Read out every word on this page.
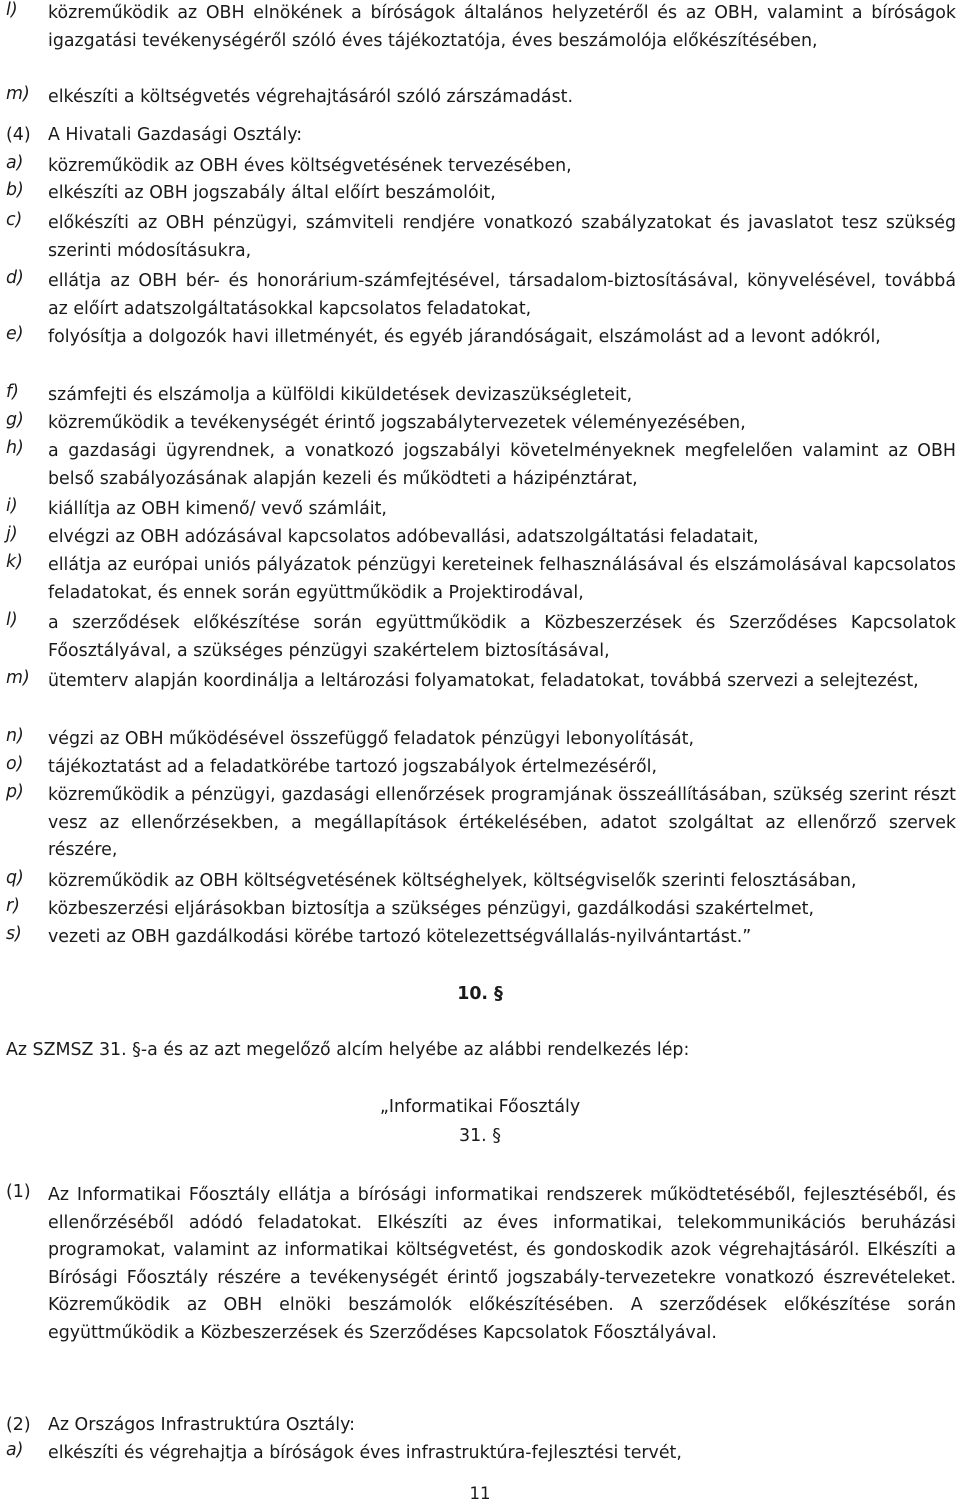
l) közreműködik az OBH elnökének a bíróságok általános helyzetéről és az OBH, valamint a bíróságok igazgatási tevékenységéről szóló éves tájékoztatója, éves beszámolója előkészítésében,
m) elkészíti a költségvetés végrehajtásáról szóló zárszámadást.
(4) A Hivatali Gazdasági Osztály:
a) közreműködik az OBH éves költségvetésének tervezésében,
b) elkészíti az OBH jogszabály által előírt beszámolóit,
c) előkészíti az OBH pénzügyi, számviteli rendjére vonatkozó szabályzatokat és javaslatot tesz szükség szerinti módosításukra,
d) ellátja az OBH bér- és honorárium-számfejtésével, társadalom-biztosításával, könyvelésével, továbbá az előírt adatszolgáltatásokkal kapcsolatos feladatokat,
e) folyósítja a dolgozók havi illetményét, és egyéb járandóságait, elszámolást ad a levont adókról,
f) számfejti és elszámolja a külföldi kiküldetések devizaszükségleteit,
g) közreműködik a tevékenységét érintő jogszabálytervezetek véleményezésében,
h) a gazdasági ügyrendnek, a vonatkozó jogszabályi követelményeknek megfelelően valamint az OBH belső szabályozásának alapján kezeli és működteti a házipénztárat,
i) kiállítja az OBH kimenő/ vevő számláit,
j) elvégzi az OBH adózásával kapcsolatos adóbevallási, adatszolgáltatási feladatait,
k) ellátja az európai uniós pályázatok pénzügyi kereteinek felhasználásával és elszámolásával kapcsolatos feladatokat, és ennek során együttműködik a Projektirodával,
l) a szerződések előkészítése során együttműködik a Közbeszerzések és Szerződéses Kapcsolatok Főosztályával, a szükséges pénzügyi szakértelem biztosításával,
m) ütemterv alapján koordinálja a leltározási folyamatokat, feladatokat, továbbá szervezi a selejtezést,
n) végzi az OBH működésével összefüggő feladatok pénzügyi lebonyolítását,
o) tájékoztatást ad a feladatkörébe tartozó jogszabályok értelmezéséről,
p) közreműködik a pénzügyi, gazdasági ellenőrzések programjának összeállításában, szükség szerint részt vesz az ellenőrzésekben, a megállapítások értékelésében, adatot szolgáltat az ellenőrző szervek részére,
q) közreműködik az OBH költségvetésének költséghelyek, költségviselők szerinti felosztásában,
r) közbeszerzési eljárásokban biztosítja a szükséges pénzügyi, gazdálkodási szakértelmet,
s) vezeti az OBH gazdálkodási körébe tartozó kötelezettségvállalás-nyilvántartást.”
10. §
Az SZMSZ 31. §-a és az azt megelőző alcím helyébe az alábbi rendelkezés lép:
„Informatikai Főosztály
31. §
(1) Az Informatikai Főosztály ellátja a bírósági informatikai rendszerek működtetéséből, fejlesztéséből, és ellenőrzéséből adódó feladatokat. Elkészíti az éves informatikai, telekommunikációs beruházási programokat, valamint az informatikai költségvetést, és gondoskodik azok végrehajtásáról. Elkészíti a Bírósági Főosztály részére a tevékenységét érintő jogszabály-tervezetekre vonatkozó észrevételeket. Közreműködik az OBH elnöki beszámolók előkészítésében. A szerződések előkészítése során együttműködik a Közbeszerzések és Szerződéses Kapcsolatok Főosztályával.
(2) Az Országos Infrastruktúra Osztály:
a) elkészíti és végrehajtja a bíróságok éves infrastruktúra-fejlesztési tervét,
11
